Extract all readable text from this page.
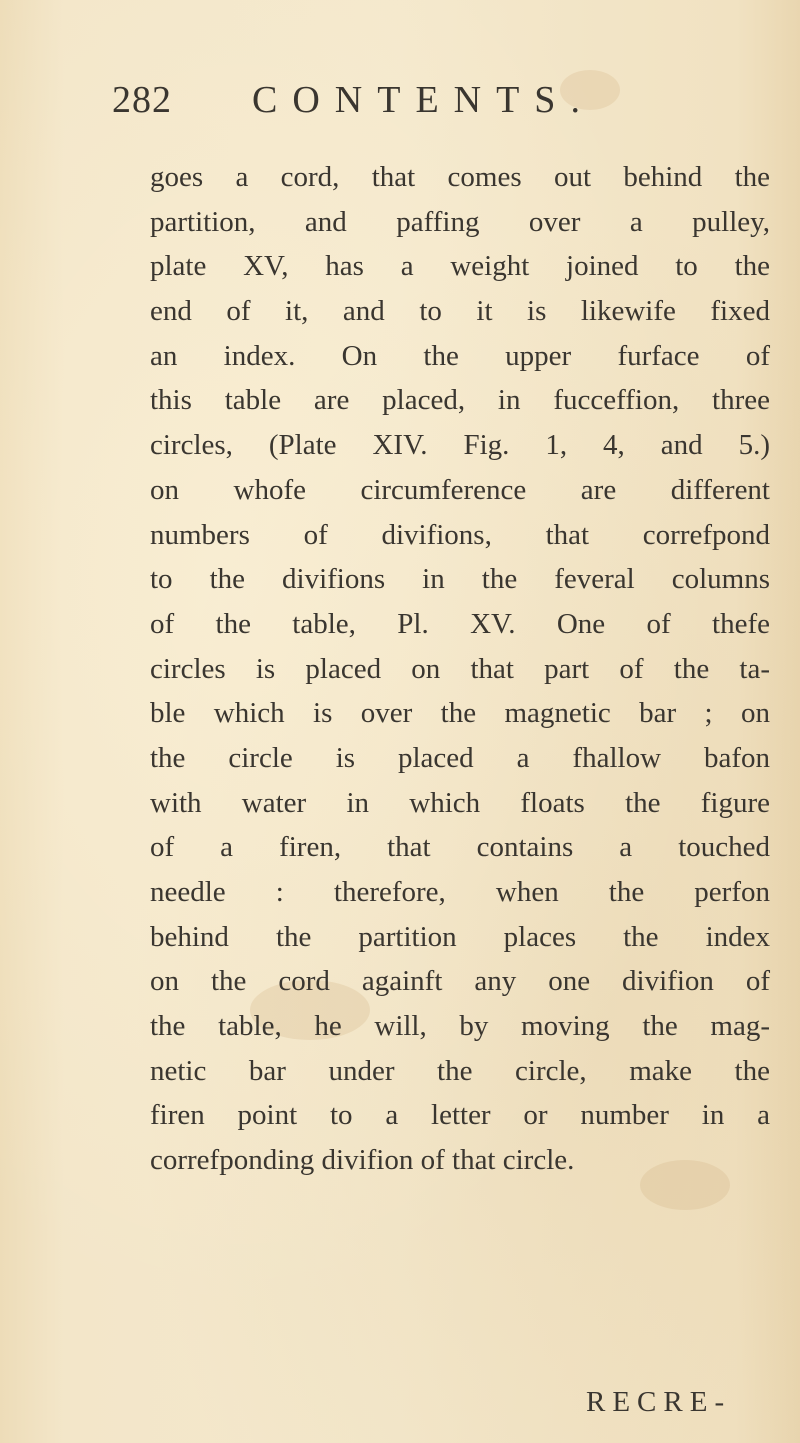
282 CONTENTS.
goes a cord, that comes out behind the
partition, and paffing over a pulley,
plate XV, has a weight joined to the
end of it, and to it is likewife fixed
an index. On the upper furface of
this table are placed, in fucceffion, three
circles, (Plate XIV. Fig. 1, 4, and 5.)
on whofe circumference are different
numbers of divifions, that correfpond
to the divifions in the feveral columns
of the table, Pl. XV. One of thefe
circles is placed on that part of the ta-
ble which is over the magnetic bar ; on
the circle is placed a fhallow bafon
with water in which floats the figure
of a firen, that contains a touched
needle : therefore, when the perfon
behind the partition places the index
on the cord againft any one divifion of
the table, he will, by moving the mag-
netic bar under the circle, make the
firen point to a letter or number in a
correfponding divifion of that circle.
RECRE-
